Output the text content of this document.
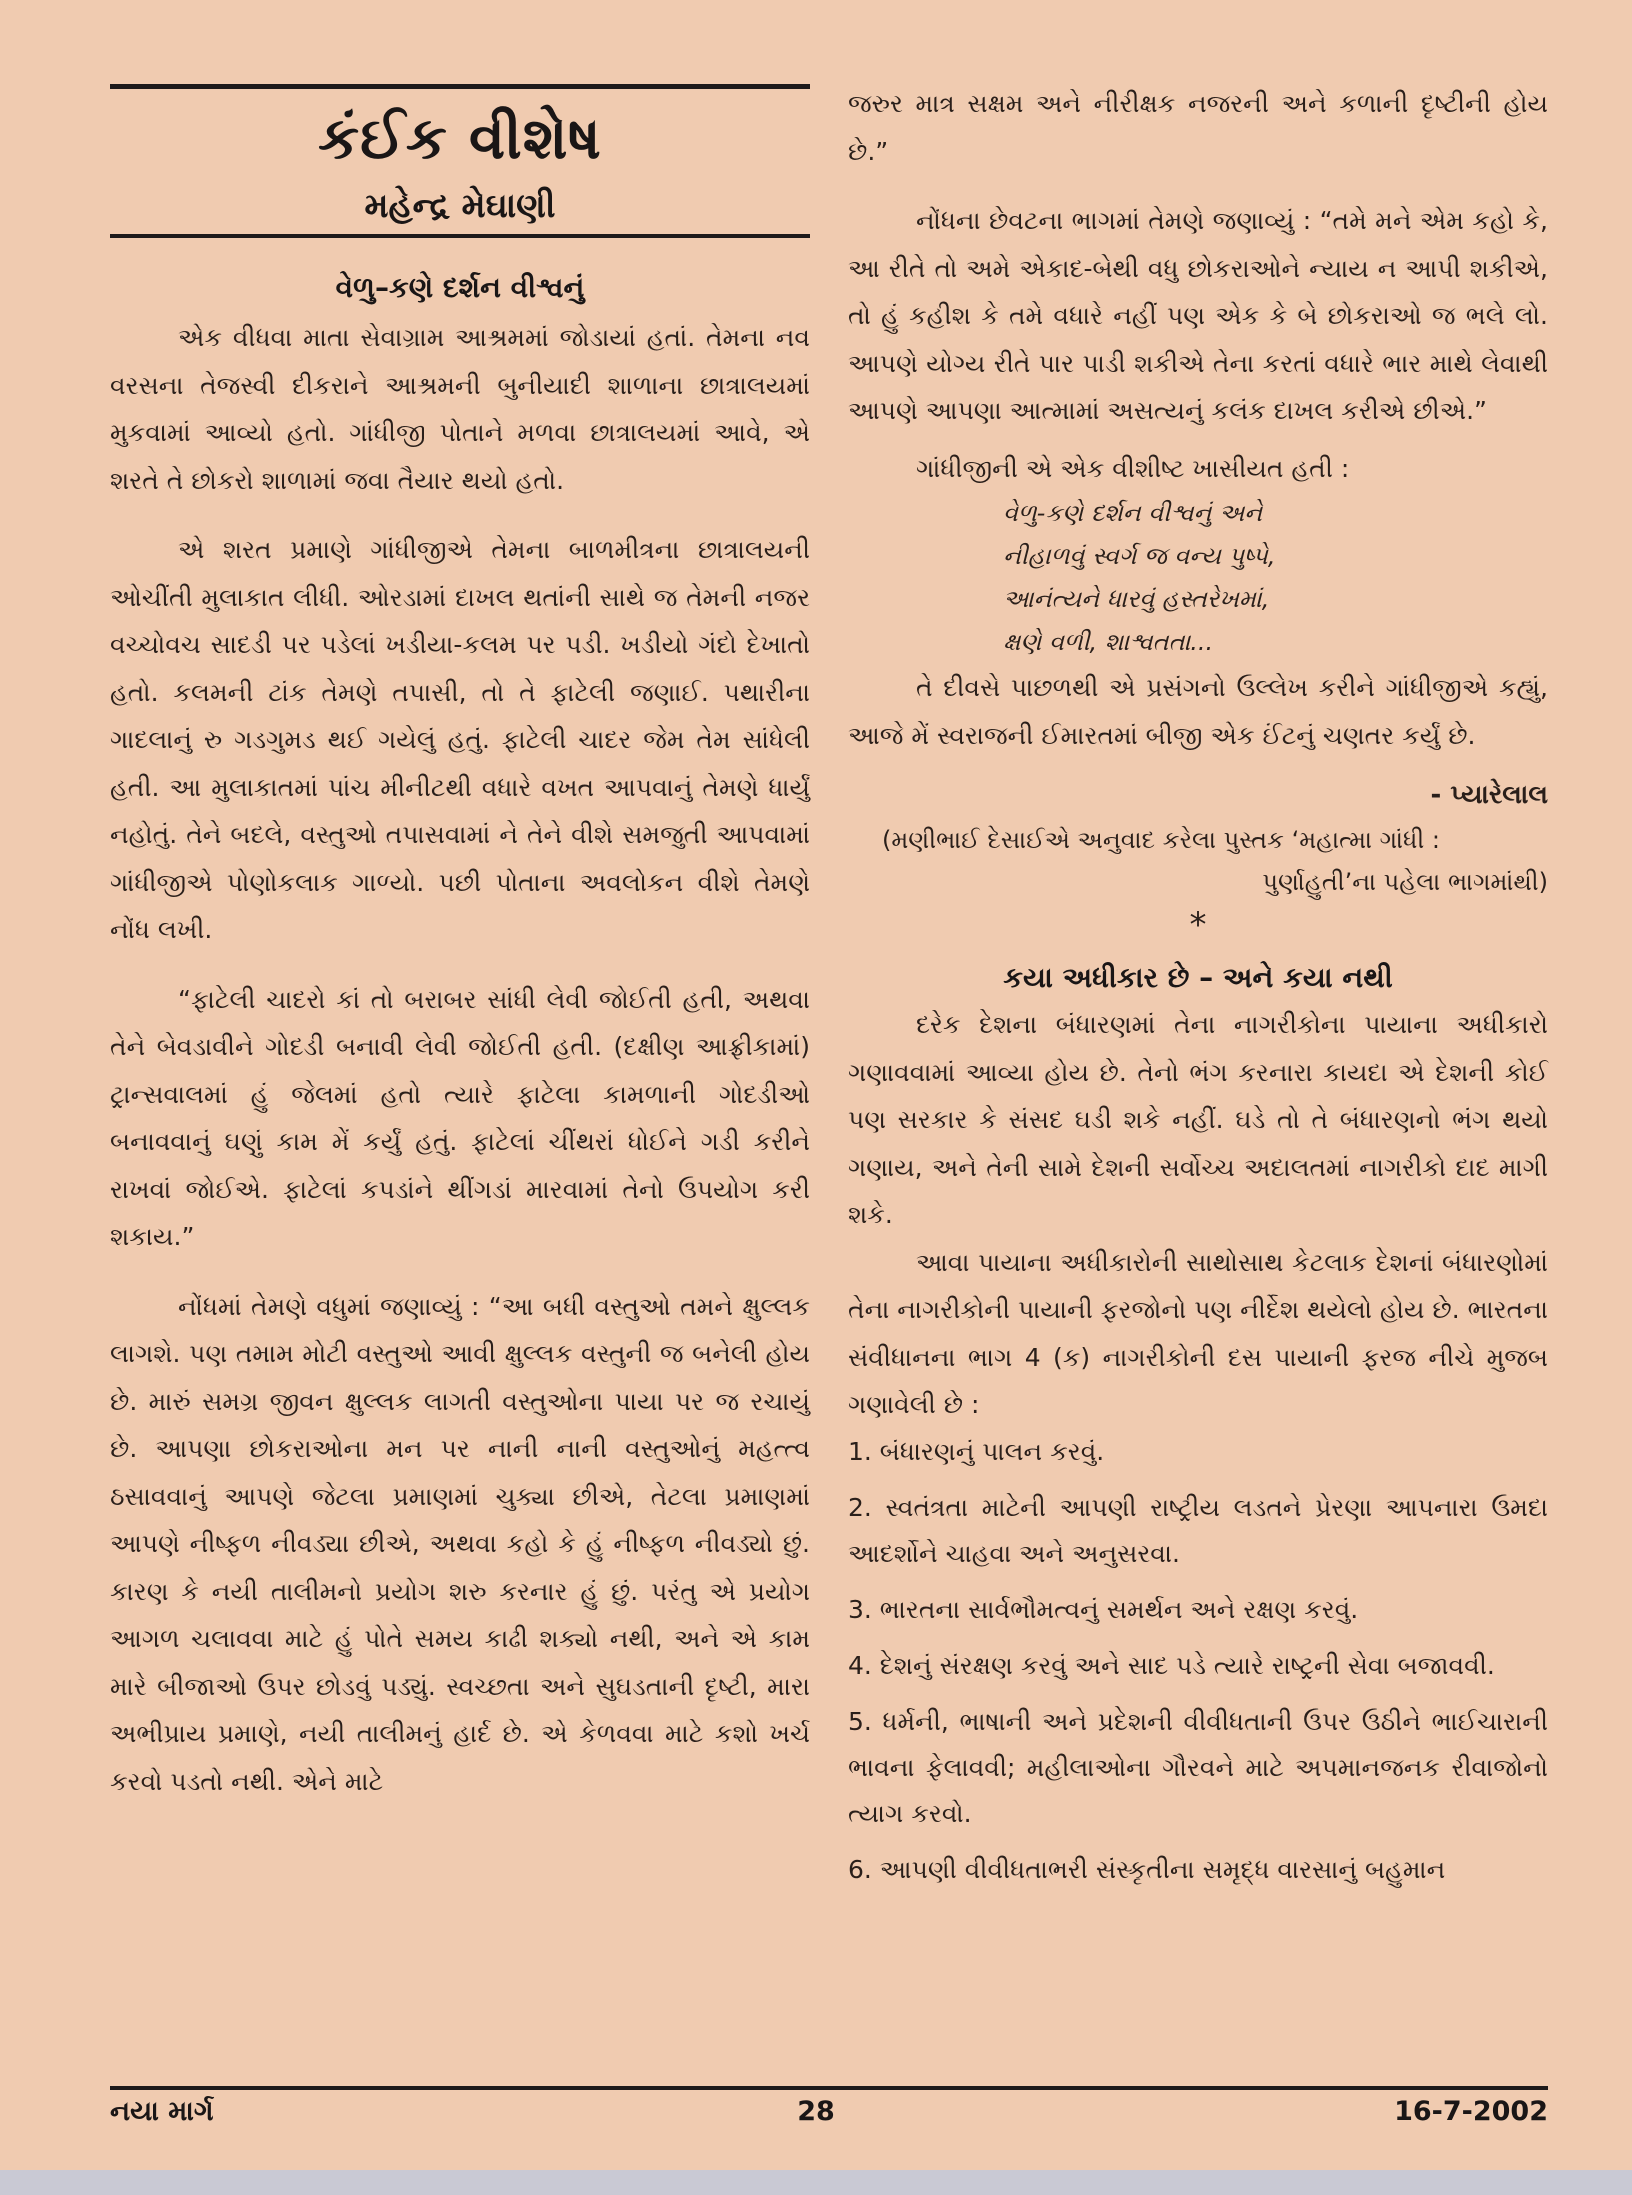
કંઈક વીશેષ
મહેન્દ્ર મેઘાણી
વેળુ–કણે દર્શન વીશ્વનું

એક વીધવા માતા સેવાગ્રામ આશ્રમમાં જોડાયાં હતાં. તેમના નવ વરસના તેજસ્વી દીકરાને આશ્રમની બુનીયાદી શાળાના છાત્રાલયમાં મુકવામાં આવ્યો હતો. ગાંધીજી પોતાને મળવા છાત્રાલયમાં આવે, એ શરતે તે છોકરો શાળામાં જવા તૈયાર થયો હતો.

એ શરત પ્રમાણે ગાંધીજીએ તેમના બાળમીત્રના છાત્રાલયની ઓચીંતી મુલાકાત લીધી. ઓરડામાં દાખલ થતાંની સાથે જ તેમની નજર વચ્ચોવચ સાદડી પર પડેલાં ખડીયા-કલમ પર પડી. ખડીયો ગંદો દેખાતો હતો. કલમની ટાંક તેમણે તપાસી, તો તે ફાટેલી જણાઈ. પથારીના ગાદલાનું રુ ગડગુમડ થઈ ગયેલું હતું. ફાટેલી ચાદર જેમ તેમ સાંધેલી હતી. આ મુલાકાતમાં પાંચ મીનીટથી વધારે વખત આપવાનું તેમણે ધાર્યું નહોતું. તેને બદલે, વસ્તુઓ તપાસવામાં ને તેને વીશે સમજુતી આપવામાં ગાંધીજીએ પોણોકલાક ગાળ્યો. પછી પોતાના અવલોકન વીશે તેમણે નોંધ લખી.

“ફાટેલી ચાદરો કાં તો બરાબર સાંધી લેવી જોઈતી હતી, અથવા તેને બેવડાવીને ગોદડી બનાવી લેવી જોઈતી હતી. (દક્ષીણ આફ્રીકામાં) ટ્રાન્સવાલમાં હું જેલમાં હતો ત્યારે ફાટેલા કામળાની ગોદડીઓ બનાવવાનું ઘણું કામ મેં કર્યું હતું. ફાટેલાં ચીંથરાં ધોઈને ગડી કરીને રાખવાં જોઈએ. ફાટેલાં કપડાંને થીંગડાં મારવામાં તેનો ઉપયોગ કરી શકાય.”

નોંધમાં તેમણે વધુમાં જણાવ્યું : “આ બધી વસ્તુઓ તમને ક્ષુલ્લક લાગશે. પણ તમામ મોટી વસ્તુઓ આવી ક્ષુલ્લક વસ્તુની જ બનેલી હોય છે. મારું સમગ્ર જીવન ક્ષુલ્લક લાગતી વસ્તુઓના પાયા પર જ રચાયું છે. આપણા છોકરાઓના મન પર નાની નાની વસ્તુઓનું મહત્ત્વ ઠસાવવાનું આપણે જેટલા પ્રમાણમાં ચુક્યા છીએ, તેટલા પ્રમાણમાં આપણે નીષ્ફળ નીવડ્યા છીએ, અથવા કહો કે હું નીષ્ફળ નીવડ્યો છું. કારણ કે નયી તાલીમનો પ્રયોગ શરુ કરનાર હું છું. પરંતુ એ પ્રયોગ આગળ ચલાવવા માટે હું પોતે સમય કાઢી શક્યો નથી, અને એ કામ મારે બીજાઓ ઉપર છોડવું પડ્યું. સ્વચ્છતા અને સુઘડતાની દૃષ્ટી, મારા અભીપ્રાય પ્રમાણે, નયી તાલીમનું હાર્દ છે. એ કેળવવા માટે કશો ખર્ચ કરવો પડતો નથી. એને માટે

જરુર માત્ર સક્ષમ અને નીરીક્ષક નજરની અને કળાની દૃષ્ટીની હોય છે.”

નોંધના છેવટના ભાગમાં તેમણે જણાવ્યું : “તમે મને એમ કહો કે, આ રીતે તો અમે એકાદ-બેથી વધુ છોકરાઓને ન્યાય ન આપી શકીએ, તો હું કહીશ કે તમે વધારે નહીં પણ એક કે બે છોકરાઓ જ ભલે લો. આપણે યોગ્ય રીતે પાર પાડી શકીએ તેના કરતાં વધારે ભાર માથે લેવાથી આપણે આપણા આત્મામાં અસત્યનું કલંક દાખલ કરીએ છીએ.”

ગાંધીજીની એ એક વીશીષ્ટ ખાસીયત હતી :

વેળુ-કણે દર્શન વીશ્વનું અને

નીહાળવું સ્વર્ગ જ વન્ય પુષ્પે,

આનંત્યને ધારવું હસ્તરેખમાં,

ક્ષણે વળી, શાશ્વતતા...

તે દીવસે પાછળથી એ પ્રસંગનો ઉલ્લેખ કરીને ગાંધીજીએ કહ્યું, આજે મેં સ્વરાજની ઈમારતમાં બીજી એક ઈંટનું ચણતર કર્યું છે.

- પ્યારેલાલ

(મણીભાઈ દેસાઈએ અનુવાદ કરેલા પુસ્તક ‘મહાત્મા ગાંધી :

પુર્ણાહુતી’ના પહેલા ભાગમાંથી)

*

કયા અધીકાર છે – અને કયા નથી

દરેક દેશના બંધારણમાં તેના નાગરીકોના પાયાના અધીકારો ગણાવવામાં આવ્યા હોય છે. તેનો ભંગ કરનારા કાયદા એ દેશની કોઈ પણ સરકાર કે સંસદ ઘડી શકે નહીં. ઘડે તો તે બંધારણનો ભંગ થયો ગણાય, અને તેની સામે દેશની સર્વોચ્ચ અદાલતમાં નાગરીકો દાદ માગી શકે.

આવા પાયાના અધીકારોની સાથોસાથ કેટલાક દેશનાં બંધારણોમાં તેના નાગરીકોની પાયાની ફરજોનો પણ નીર્દેશ થયેલો હોય છે. ભારતના સંવીધાનના ભાગ 4 (ક) નાગરીકોની દસ પાયાની ફરજ નીચે મુજબ ગણાવેલી છે :

1. બંધારણનું પાલન કરવું.

2. સ્વતંત્રતા માટેની આપણી રાષ્ટ્રીય લડતને પ્રેરણા આપનારા ઉમદા આદર્શોને ચાહવા અને અનુસરવા.

3. ભારતના સાર્વભૌમત્વનું સમર્થન અને રક્ષણ કરવું.

4. દેશનું સંરક્ષણ કરવું અને સાદ પડે ત્યારે રાષ્ટ્રની સેવા બજાવવી.

5. ધર્મની, ભાષાની અને પ્રદેશની વીવીધતાની ઉપર ઉઠીને ભાઈચારાની ભાવના ફેલાવવી; મહીલાઓના ગૌરવને માટે અપમાનજનક રીવાજોનો ત્યાગ કરવો.

6. આપણી વીવીધતાભરી સંસ્કૃતીના સમૃદ્ધ વારસાનું બહુમાન

નયા માર્ગ	28	16-7-2002
